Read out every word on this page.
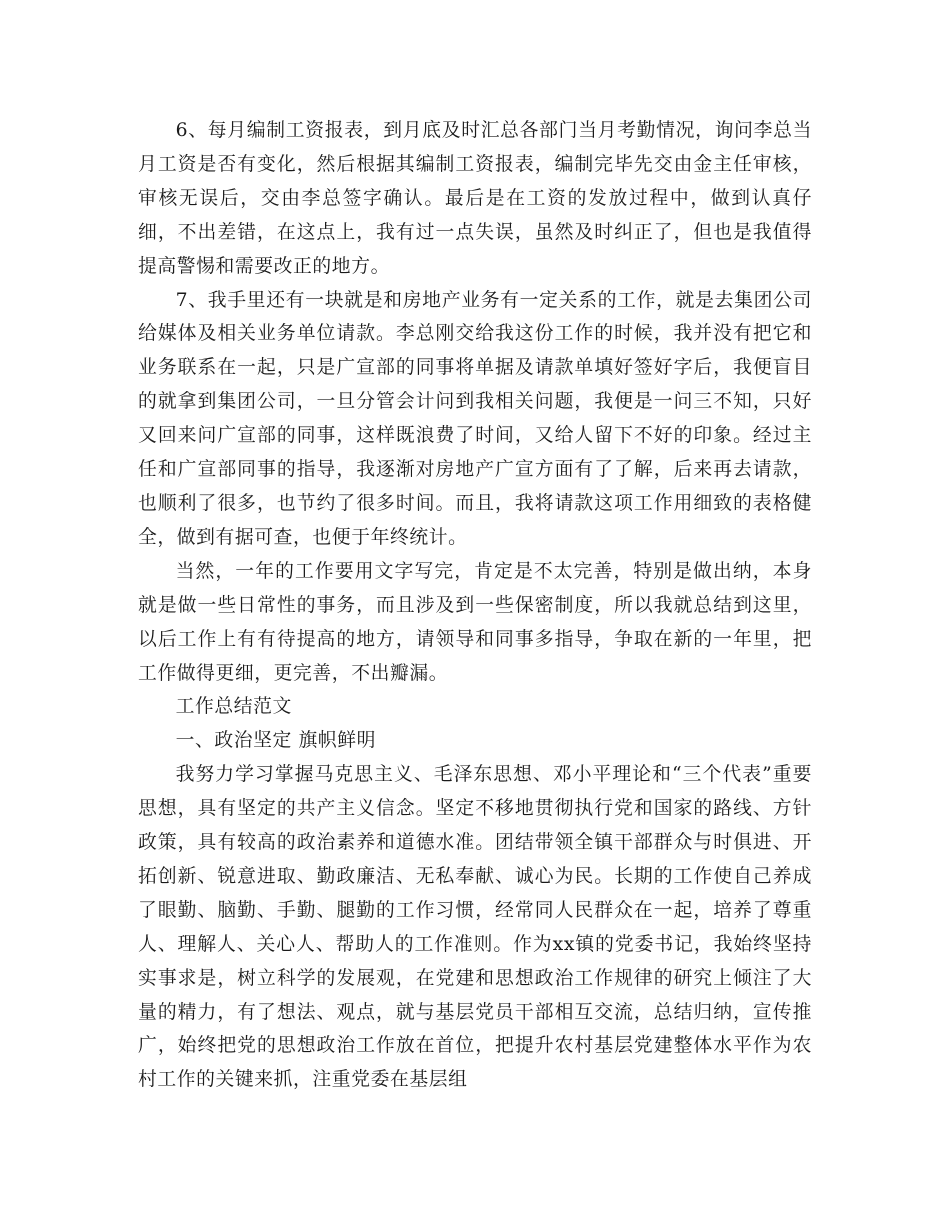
6、每月编制工资报表，到月底及时汇总各部门当月考勤情况，询问李总当月工资是否有变化，然后根据其编制工资报表，编制完毕先交由金主任审核，审核无误后，交由李总签字确认。最后是在工资的发放过程中，做到认真仔细，不出差错，在这点上，我有过一点失误，虽然及时纠正了，但也是我值得提高警惕和需要改正的地方。

7、我手里还有一块就是和房地产业务有一定关系的工作，就是去集团公司给媒体及相关业务单位请款。李总刚交给我这份工作的时候，我并没有把它和业务联系在一起，只是广宣部的同事将单据及请款单填好签好字后，我便盲目的就拿到集团公司，一旦分管会计问到我相关问题，我便是一问三不知，只好又回来问广宣部的同事，这样既浪费了时间，又给人留下不好的印象。经过主任和广宣部同事的指导，我逐渐对房地产广宣方面有了了解，后来再去请款，也顺利了很多，也节约了很多时间。而且，我将请款这项工作用细致的表格健全，做到有据可查，也便于年终统计。

当然，一年的工作要用文字写完，肯定是不太完善，特别是做出纳，本身就是做一些日常性的事务，而且涉及到一些保密制度，所以我就总结到这里，以后工作上有有待提高的地方，请领导和同事多指导，争取在新的一年里，把工作做得更细，更完善，不出瓣漏。

工作总结范文

一、政治坚定 旗帜鲜明

我努力学习掌握马克思主义、毛泽东思想、邓小平理论和“三个代表”重要思想，具有坚定的共产主义信念。坚定不移地贯彻执行党和国家的路线、方针政策，具有较高的政治素养和道德水准。团结带领全镇干部群众与时俱进、开拓创新、锐意进取、勤政廉洁、无私奉献、诚心为民。长期的工作使自己养成了眼勤、脑勤、手勤、腿勤的工作习惯，经常同人民群众在一起，培养了尊重人、理解人、关心人、帮助人的工作准则。作为xx镇的党委书记，我始终坚持实事求是，树立科学的发展观，在党建和思想政治工作规律的研究上倾注了大量的精力，有了想法、观点，就与基层党员干部相互交流，总结归纳，宣传推广，始终把党的思想政治工作放在首位，把提升农村基层党建整体水平作为农村工作的关键来抓，注重党委在基层组
